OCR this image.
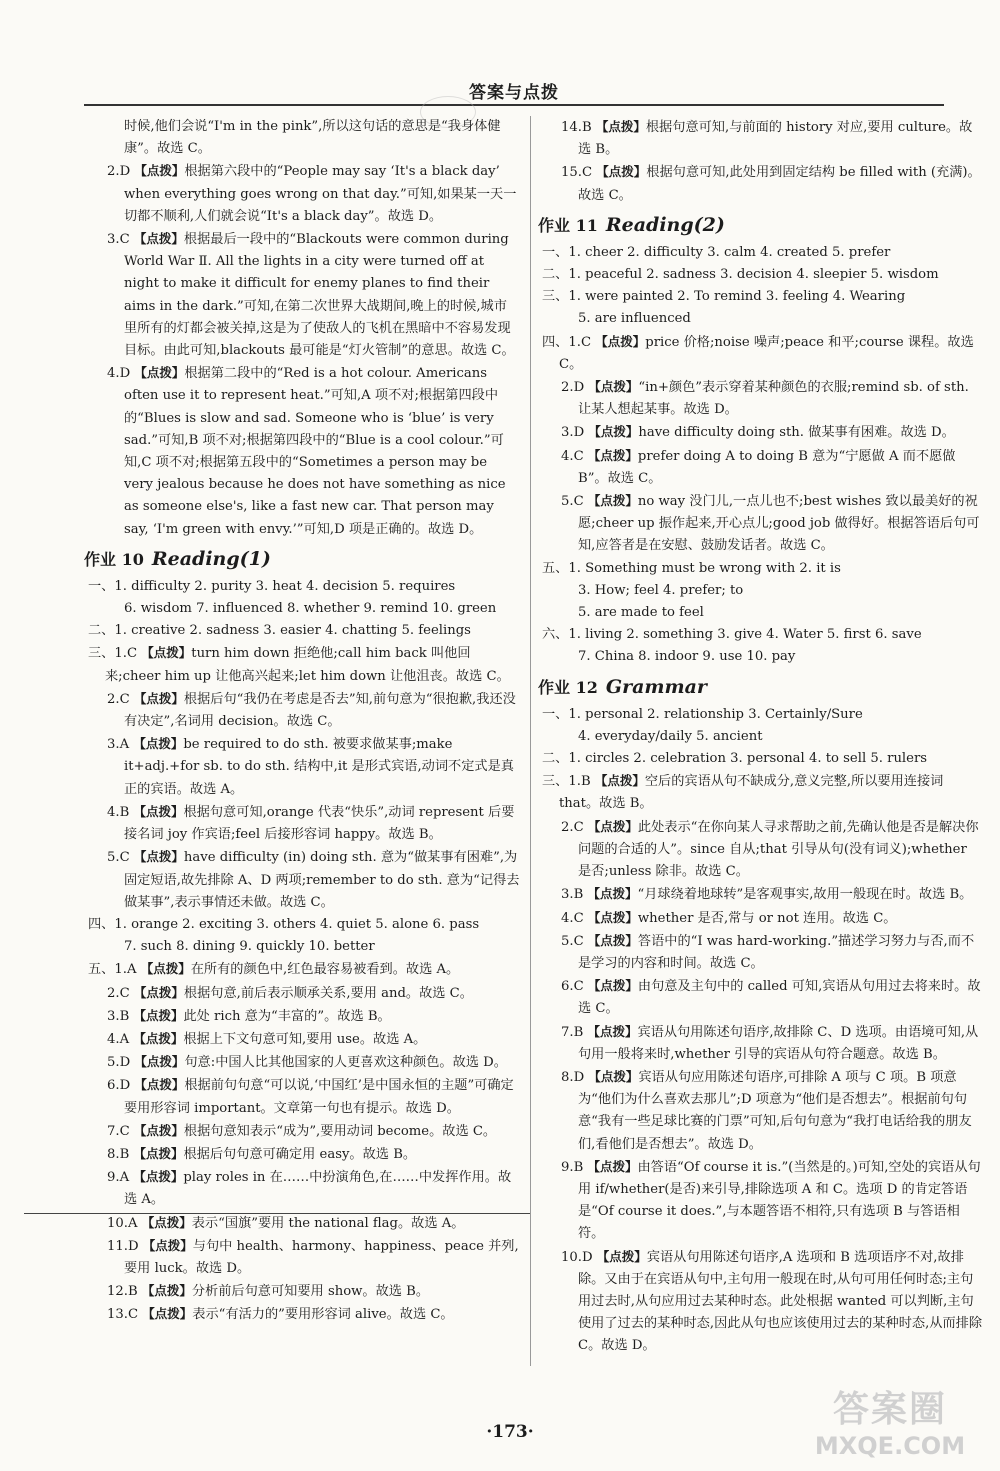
答案与点拨

时候,他们会说“I'm in the pink”,所以这句话的意思是“我身体健康”。故选 C。

2.D 【点拨】根据第六段中的“People may say ‘It's a black day’ when everything goes wrong on that day.”可知,如果某一天一切都不顺利,人们就会说“It's a black day”。故选 D。

3.C 【点拨】根据最后一段中的“Blackouts were common during World War Ⅱ. All the lights in a city were turned off at night to make it difficult for enemy planes to find their aims in the dark.”可知,在第二次世界大战期间,晚上的时候,城市里所有的灯都会被关掉,这是为了使敌人的飞机在黑暗中不容易发现目标。由此可知,blackouts 最可能是“灯火管制”的意思。故选 C。

4.D 【点拨】根据第二段中的“Red is a hot colour. Americans often use it to represent heat.”可知,A 项不对;根据第四段中的“Blues is slow and sad. Someone who is ‘blue’ is very sad.”可知,B 项不对;根据第四段中的“Blue is a cool colour.”可知,C 项不对;根据第五段中的“Sometimes a person may be very jealous because he does not have something as nice as someone else's, like a fast new car. That person may say, ‘I'm green with envy.’”可知,D 项是正确的。故选 D。

作业 10 Reading(1)

一、1. difficulty 2. purity 3. heat 4. decision 5. requires

6. wisdom 7. influenced 8. whether 9. remind 10. green

二、1. creative 2. sadness 3. easier 4. chatting 5. feelings

三、1.C 【点拨】turn him down 拒绝他;call him back 叫他回来;cheer him up 让他高兴起来;let him down 让他沮丧。故选 C。

2.C 【点拨】根据后句“我仍在考虑是否去”知,前句意为“很抱歉,我还没有决定”,名词用 decision。故选 C。

3.A 【点拨】be required to do sth. 被要求做某事;make it+adj.+for sb. to do sth. 结构中,it 是形式宾语,动词不定式是真正的宾语。故选 A。

4.B 【点拨】根据句意可知,orange 代表“快乐”,动词 represent 后要接名词 joy 作宾语;feel 后接形容词 happy。故选 B。

5.C 【点拨】have difficulty (in) doing sth. 意为“做某事有困难”,为固定短语,故先排除 A、D 两项;remember to do sth. 意为“记得去做某事”,表示事情还未做。故选 C。

四、1. orange 2. exciting 3. others 4. quiet 5. alone 6. pass

7. such 8. dining 9. quickly 10. better

五、1.A 【点拨】在所有的颜色中,红色最容易被看到。故选 A。

2.C 【点拨】根据句意,前后表示顺承关系,要用 and。故选 C。

3.B 【点拨】此处 rich 意为“丰富的”。故选 B。

4.A 【点拨】根据上下文句意可知,要用 use。故选 A。

5.D 【点拨】句意:中国人比其他国家的人更喜欢这种颜色。故选 D。

6.D 【点拨】根据前句句意“可以说,‘中国红’是中国永恒的主题”可确定要用形容词 important。文章第一句也有提示。故选 D。

7.C 【点拨】根据句意知表示“成为”,要用动词 become。故选 C。

8.B 【点拨】根据后句句意可确定用 easy。故选 B。

9.A 【点拨】play roles in 在……中扮演角色,在……中发挥作用。故选 A。

10.A 【点拨】表示“国旗”要用 the national flag。故选 A。

11.D 【点拨】与句中 health、harmony、happiness、peace 并列,要用 luck。故选 D。

12.B 【点拨】分析前后句意可知要用 show。故选 B。

13.C 【点拨】表示“有活力的”要用形容词 alive。故选 C。

14.B 【点拨】根据句意可知,与前面的 history 对应,要用 culture。故选 B。

15.C 【点拨】根据句意可知,此处用到固定结构 be filled with (充满)。故选 C。

作业 11 Reading(2)

一、1. cheer 2. difficulty 3. calm 4. created 5. prefer

二、1. peaceful 2. sadness 3. decision 4. sleepier 5. wisdom

三、1. were painted 2. To remind 3. feeling 4. Wearing

5. are influenced

四、1.C 【点拨】price 价格;noise 噪声;peace 和平;course 课程。故选 C。

2.D 【点拨】“in+颜色”表示穿着某种颜色的衣服;remind sb. of sth. 让某人想起某事。故选 D。

3.D 【点拨】have difficulty doing sth. 做某事有困难。故选 D。

4.C 【点拨】prefer doing A to doing B 意为“宁愿做 A 而不愿做 B”。故选 C。

5.C 【点拨】no way 没门儿,一点儿也不;best wishes 致以最美好的祝愿;cheer up 振作起来,开心点儿;good job 做得好。根据答语后句可知,应答者是在安慰、鼓励发话者。故选 C。

五、1. Something must be wrong with 2. it is

3. How; feel 4. prefer; to

5. are made to feel

六、1. living 2. something 3. give 4. Water 5. first 6. save

7. China 8. indoor 9. use 10. pay

作业 12 Grammar

一、1. personal 2. relationship 3. Certainly/Sure

4. everyday/daily 5. ancient

二、1. circles 2. celebration 3. personal 4. to sell 5. rulers

三、1.B 【点拨】空后的宾语从句不缺成分,意义完整,所以要用连接词 that。故选 B。

2.C 【点拨】此处表示“在你向某人寻求帮助之前,先确认他是否是解决你问题的合适的人”。since 自从;that 引导从句(没有词义);whether 是否;unless 除非。故选 C。

3.B 【点拨】“月球绕着地球转”是客观事实,故用一般现在时。故选 B。

4.C 【点拨】whether 是否,常与 or not 连用。故选 C。

5.C 【点拨】答语中的“I was hard-working.”描述学习努力与否,而不是学习的内容和时间。故选 C。

6.C 【点拨】由句意及主句中的 called 可知,宾语从句用过去将来时。故选 C。

7.B 【点拨】宾语从句用陈述句语序,故排除 C、D 选项。由语境可知,从句用一般将来时,whether 引导的宾语从句符合题意。故选 B。

8.D 【点拨】宾语从句应用陈述句语序,可排除 A 项与 C 项。B 项意为“他们为什么喜欢去那儿”;D 项意为“他们是否想去”。根据前句句意“我有一些足球比赛的门票”可知,后句句意为“我打电话给我的朋友们,看他们是否想去”。故选 D。

9.B 【点拨】由答语“Of course it is.”(当然是的。)可知,空处的宾语从句用 if/whether(是否)来引导,排除选项 A 和 C。选项 D 的肯定答语是“Of course it does.”,与本题答语不相符,只有选项 B 与答语相符。

10.D 【点拨】宾语从句用陈述句语序,A 选项和 B 选项语序不对,故排除。又由于在宾语从句中,主句用一般现在时,从句可用任何时态;主句用过去时,从句应用过去某种时态。此处根据 wanted 可以判断,主句使用了过去的某种时态,因此从句也应该使用过去的某种时态,从而排除 C。故选 D。

·173·
答案圈
MXQE.COM
